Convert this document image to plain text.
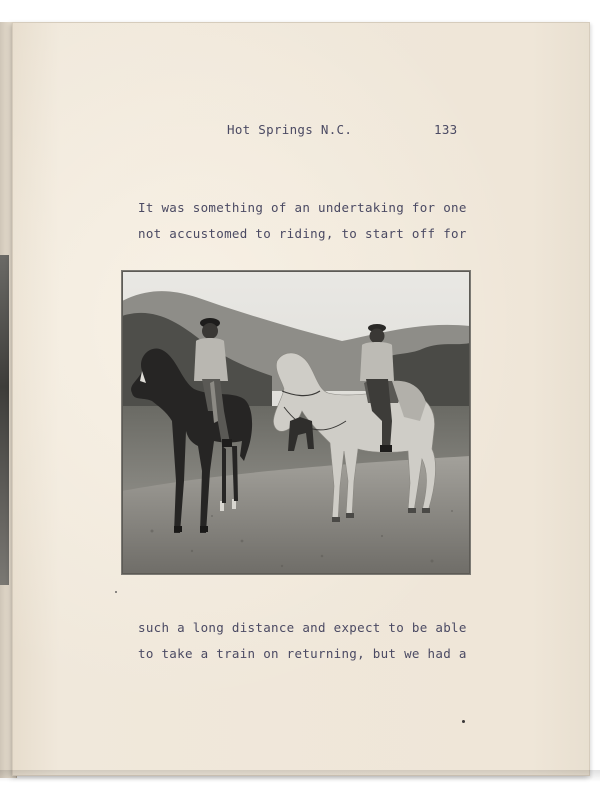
Hot Springs N.C.	133
It was something of an undertaking for one
not accustomed to riding, to start off for
such a long distance and expect to be able
to take a train on returning, but we had a
